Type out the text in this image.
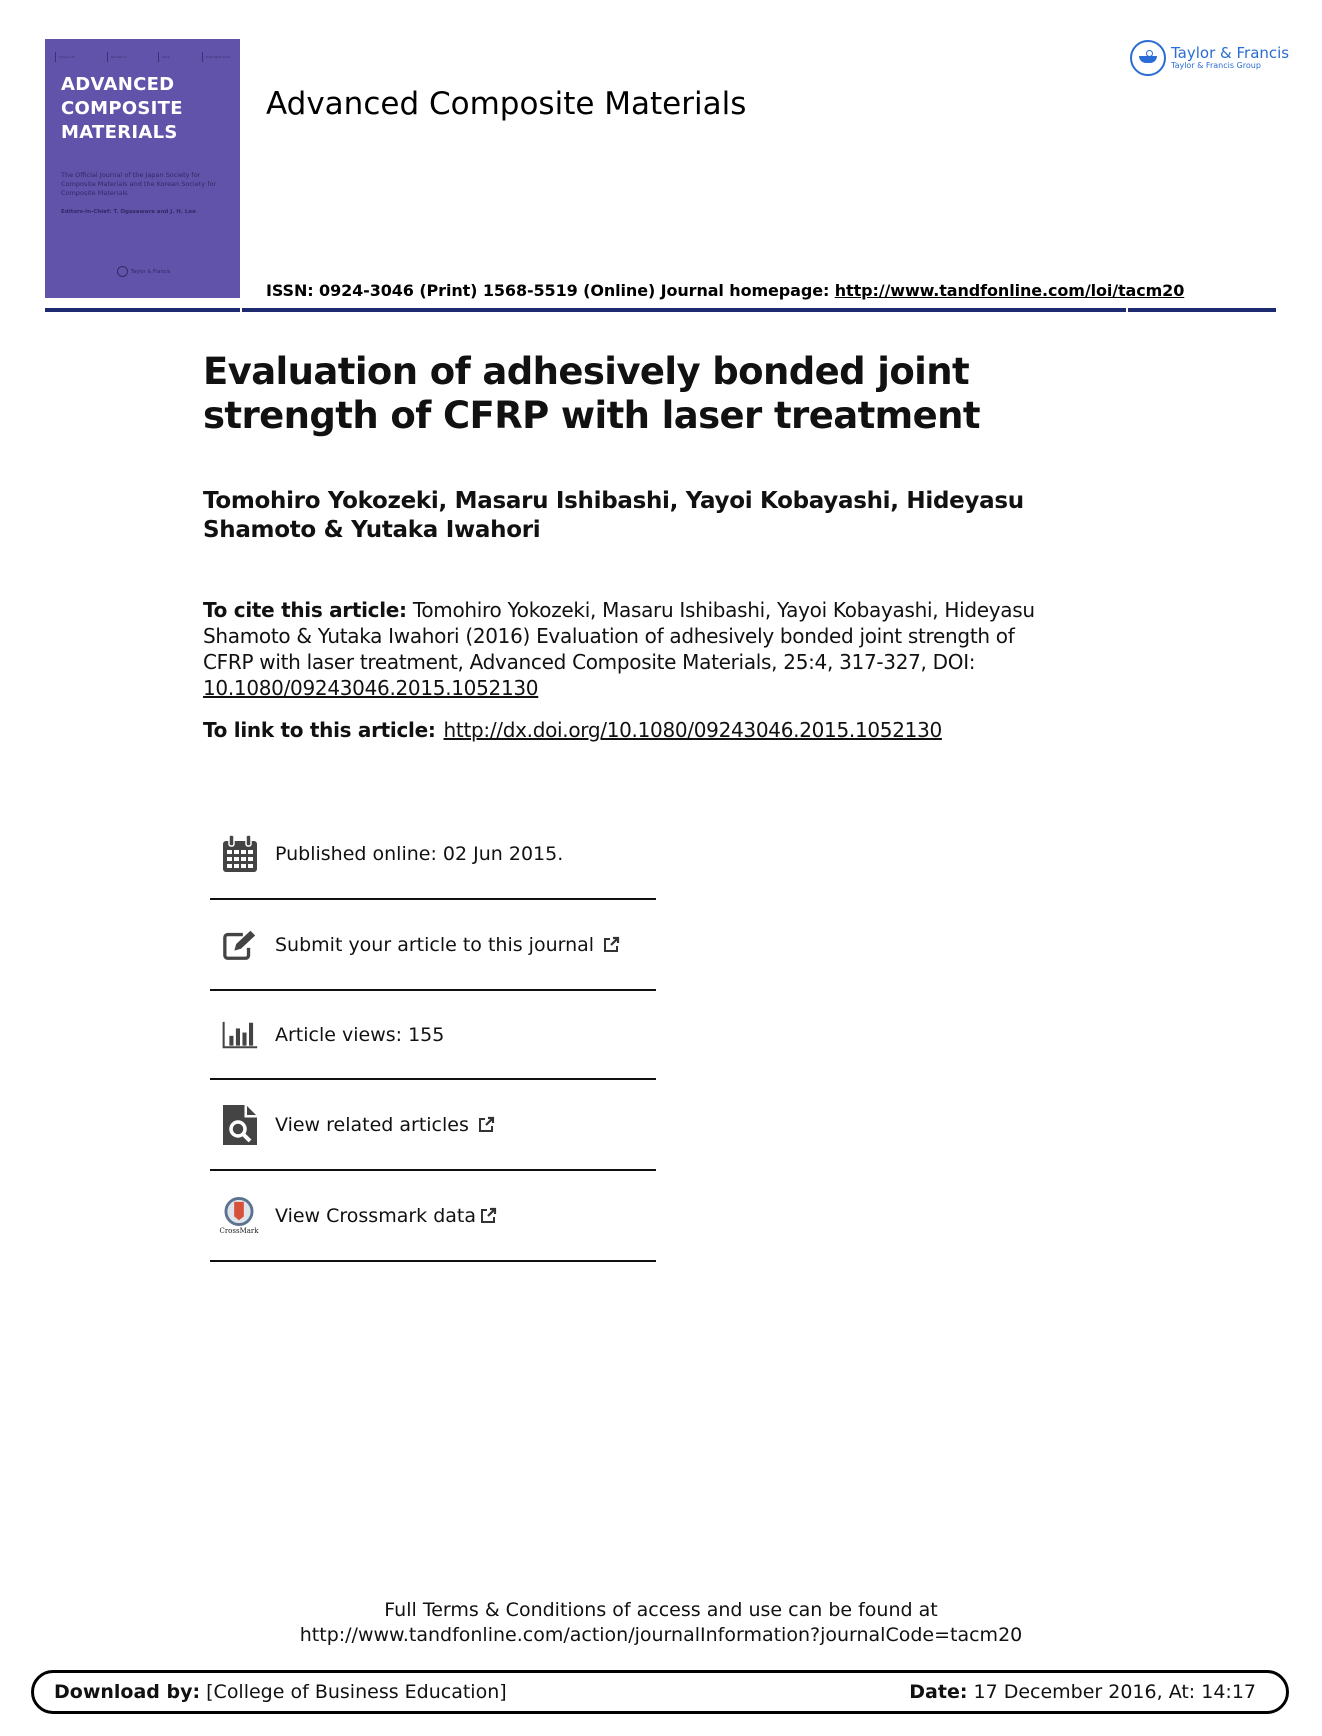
Volume 25	Number 4	2016	ISSN 0924-3046
ADVANCED
COMPOSITE
MATERIALS
The Official Journal of the Japan Society for Composite Materials and the Korean Society for Composite Materials
Editors-in-Chief: T. Ogasawara and J. H. Lee
Taylor & Francis
Advanced Composite Materials
Taylor & Francis
Taylor & Francis Group
ISSN: 0924-3046 (Print) 1568-5519 (Online) Journal homepage: http://www.tandfonline.com/loi/tacm20
Evaluation of adhesively bonded joint strength of CFRP with laser treatment
Tomohiro Yokozeki, Masaru Ishibashi, Yayoi Kobayashi, Hideyasu Shamoto & Yutaka Iwahori
To cite this article: Tomohiro Yokozeki, Masaru Ishibashi, Yayoi Kobayashi, Hideyasu Shamoto & Yutaka Iwahori (2016) Evaluation of adhesively bonded joint strength of CFRP with laser treatment, Advanced Composite Materials, 25:4, 317-327, DOI: 10.1080/09243046.2015.1052130
To link to this article: http://dx.doi.org/10.1080/09243046.2015.1052130
Published online: 02 Jun 2015.
Submit your article to this journal
Article views: 155
View related articles
CrossMark
View Crossmark data
Full Terms & Conditions of access and use can be found at
http://www.tandfonline.com/action/journalInformation?journalCode=tacm20
Download by: [College of Business Education]	Date: 17 December 2016, At: 14:17
